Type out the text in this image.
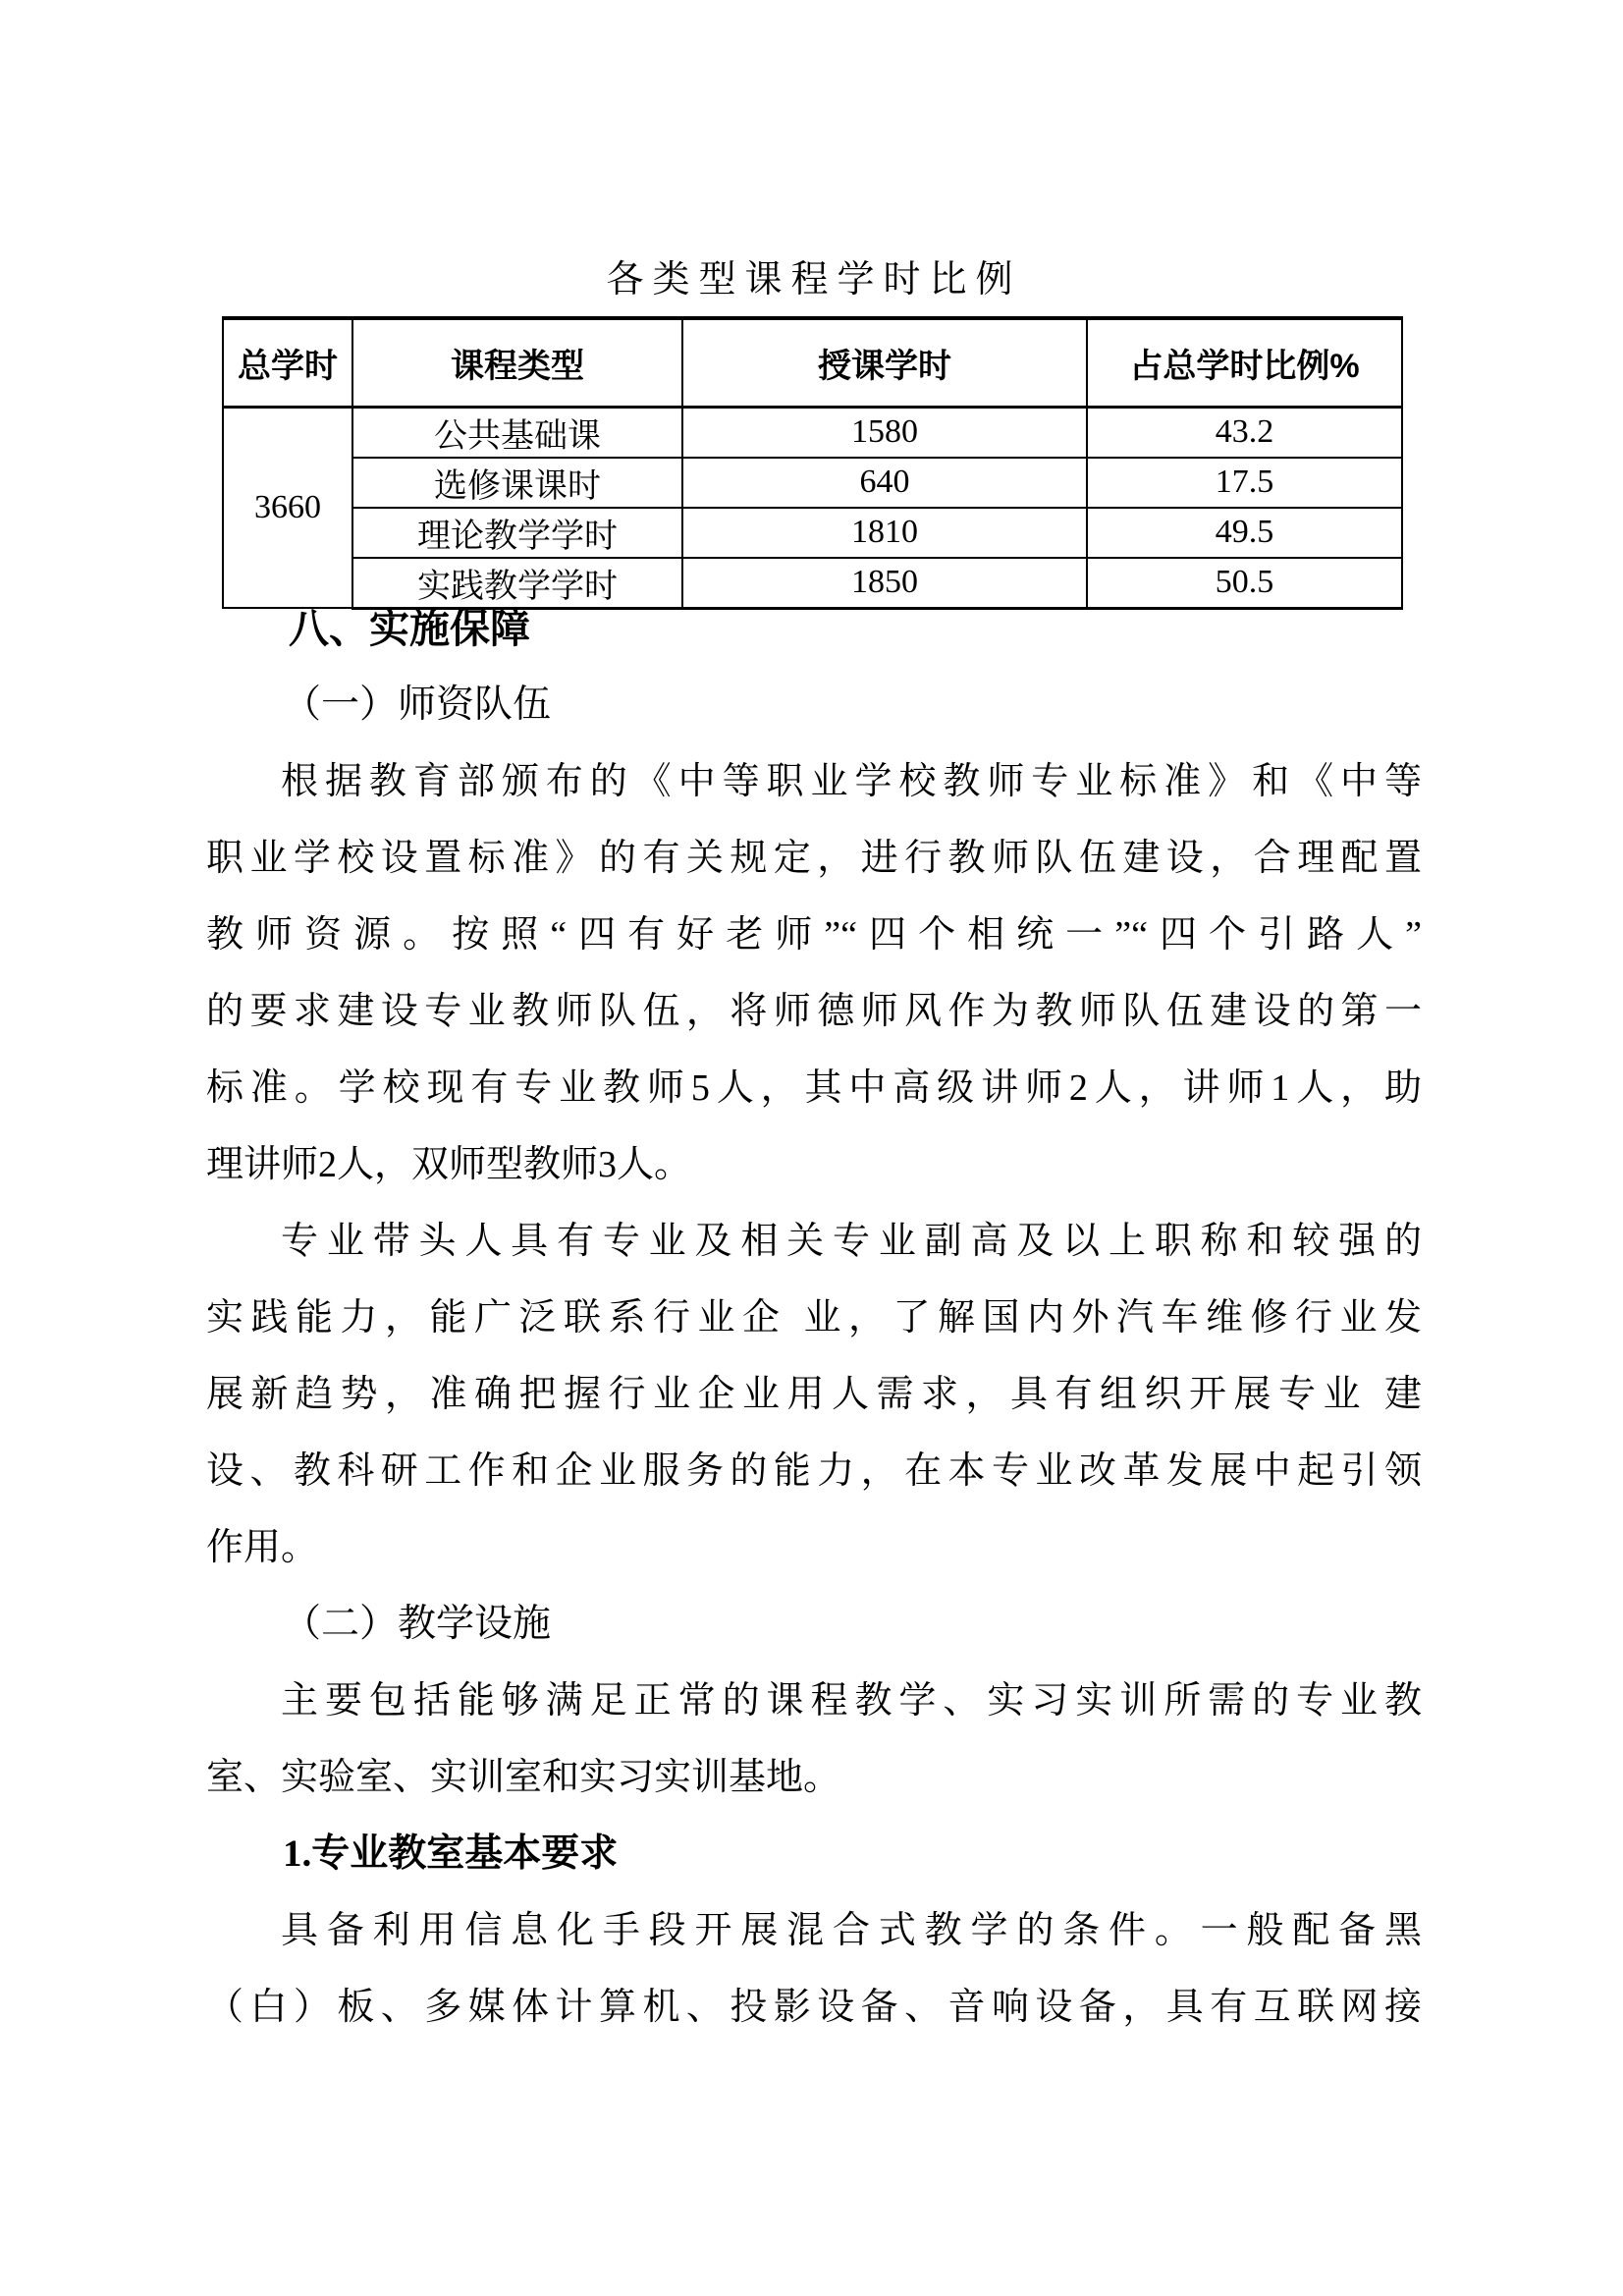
各类型课程学时比例
总学时	课程类型	授课学时	占总学时比例%
3660	公共基础课	1580	43.2
	选修课课时	640	17.5
	理论教学学时	1810	49.5
	实践教学学时	1850	50.5
八、实施保障
（一）师资队伍
根据教育部颁布的《中等职业学校教师专业标准》和《中等
职业学校设置标准》的有关规定，进行教师队伍建设，合理配置
教师资源。按照“四有好老师”“四个相统一”“四个引路人”
的要求建设专业教师队伍，将师德师风作为教师队伍建设的第一
标准。学校现有专业教师5人，其中高级讲师2人，讲师1人，助
理讲师2人，双师型教师3人。
专业带头人具有专业及相关专业副高及以上职称和较强的
实践能力，能广泛联系行业企 业，了解国内外汽车维修行业发
展新趋势，准确把握行业企业用人需求，具有组织开展专业 建
设、教科研工作和企业服务的能力，在本专业改革发展中起引领
作用。
（二）教学设施
主要包括能够满足正常的课程教学、实习实训所需的专业教
室、实验室、实训室和实习实训基地。
1.专业教室基本要求
具备利用信息化手段开展混合式教学的条件。一般配备黑
（白）板、多媒体计算机、投影设备、音响设备，具有互联网接
